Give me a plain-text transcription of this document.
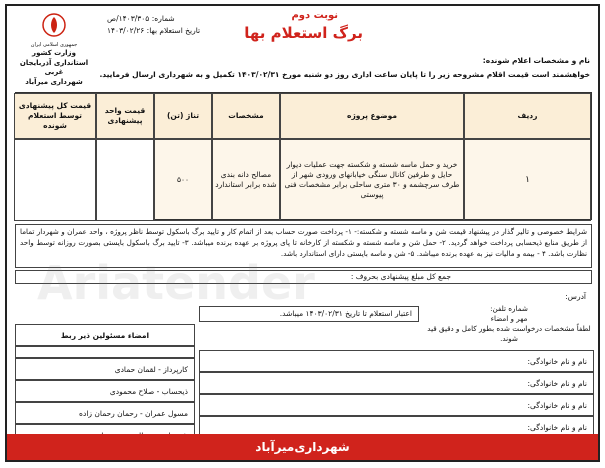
جمهوری اسلامی ایران
وزارت کشور
استانداری آذربایجان غربی
شهرداری میرآباد
نوبت دوم
برگ استعلام بها
شماره: ۱۴۰۳/۳۰۵/ص
تاریخ استعلام بها: ۱۴۰۳/۰۲/۲۶
نام و مشخصات اعلام شونده:
خواهشمند است قیمت اقلام مشروحه زیر را تا پایان ساعت اداری روز دو شنبه مورخ ۱۴۰۳/۰۲/۳۱ تکمیل و به شهرداری ارسال فرمایید.
ردیف
موضوع پروژه
مشخصات
تناژ (تن)
قیمت واحد پیشنهادی
قیمت کل پیشنهادی توسط استعلام شونده
۱
خرید و حمل ماسه شسته و شکسته جهت عملیات دیوار حایل و طرفین کانال سنگی خیابانهای ورودی شهر از طرف سرچشمه و ۳۰ متری ساحلی برابر مشخصات فنی پیوستی
مصالح دانه بندی شده برابر استاندارد
۵۰۰
شرایط خصوصی و تالیر گذار در پیشنهاد قیمت شن و ماسه شسته و شکسته:- ۱- پرداخت صورت حساب بعد از اتمام کار و تایید برگ باسکول توسط ناظر پروژه ، واحد عمران و شهردار تماما از طریق منابع ذیحسابی پرداخت خواهد گردید. ۲- حمل شن و ماسه شسته و شکسته از کارخانه تا پای پروژه بر عهده برنده میباشد. ۳- تایید برگ باسکول بایستی بصورت روزانه توسط واحد نظارت باشد. ۴ - بیمه و مالیات نیز به عهده برنده میباشد. ۵- شن و ماسه بایستی دارای استاندارد باشد.
جمع کل مبلغ پیشنهادی بحروف :
آدرس:
اعتبار استعلام تا تاریخ ۱۴۰۳/۰۲/۳۱ میباشد.
شماره تلفن:
مهر و امضاء
لطفاً مشخصات درخواست شده بطور کامل و دقیق قید شوند.
امضاء مسئولین ذیر ربط
کارپرداز - لقمان حمادی
ذیحساب - صلاح محمودی
مسول عمران - رحمان رحمان زاده
نام و نام خانوادگی:
نام و نام خانوادگی:
نام و نام خانوادگی:
نام و نام خانوادگی:
شهرداری‌میرآباد
